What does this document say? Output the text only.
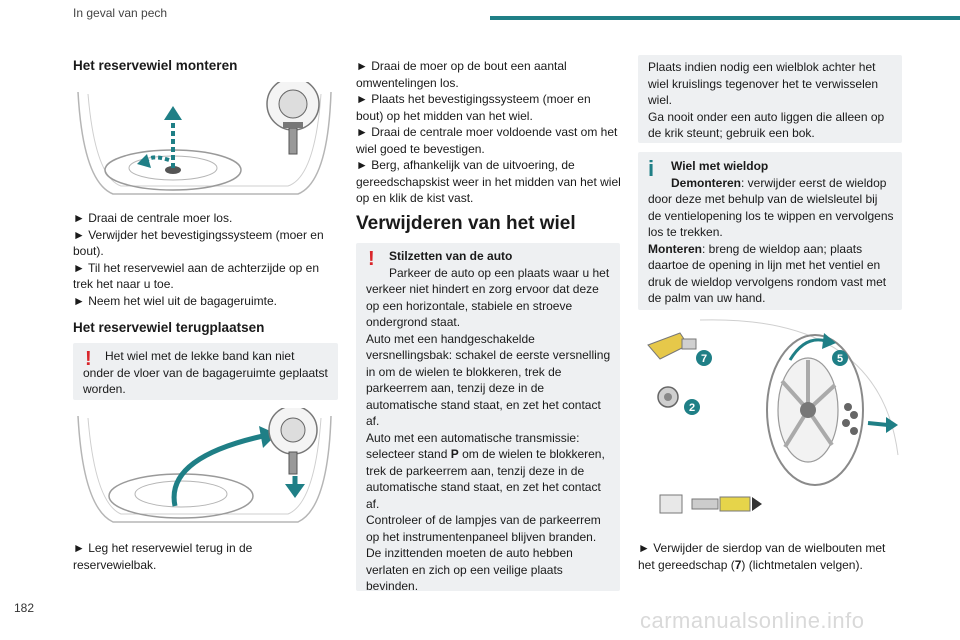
In geval van pech
Het reservewiel monteren

► Draai de centrale moer los.

► Verwijder het bevestigingssysteem (moer en bout).

► Til het reservewiel aan de achterzijde op en trek het naar u toe.

► Neem het wiel uit de bagageruimte.

Het reservewiel terugplaatsen
!	Het wiel met de lekke band kan niet onder de vloer van de bagageruimte geplaatst worden.

► Leg het reservewiel terug in de reservewielbak.

► Draai de moer op de bout een aantal omwentelingen los.

► Plaats het bevestigingssysteem (moer en bout) op het midden van het wiel.

► Draai de centrale moer voldoende vast om het wiel goed te bevestigen.

► Berg, afhankelijk van de uitvoering, de gereedschapskist weer in het midden van het wiel op en klik de kist vast.

Verwijderen van het wiel
! Stilzetten van de auto

Parkeer de auto op een plaats waar u het verkeer niet hindert en zorg ervoor dat deze op een horizontale, stabiele en stroeve ondergrond staat.

Auto met een handgeschakelde versnellingsbak: schakel de eerste versnelling in om de wielen te blokkeren, trek de parkeerrem aan, tenzij deze in de automatische stand staat, en zet het contact af.

Auto met een automatische transmissie: selecteer stand P om de wielen te blokkeren, trek de parkeerrem aan, tenzij deze in de automatische stand staat, en zet het contact af.

Controleer of de lampjes van de parkeerrem op het instrumentenpaneel blijven branden.

De inzittenden moeten de auto hebben verlaten en zich op een veilige plaats bevinden.

Plaats indien nodig een wielblok achter het wiel kruislings tegenover het te verwisselen wiel.

Ga nooit onder een auto liggen die alleen op de krik steunt; gebruik een bok.

i Wiel met wieldop

Demonteren: verwijder eerst de wieldop door deze met behulp van de wielsleutel bij de ventielopening los te wippen en vervolgens los te trekken.

Monteren: breng de wieldop aan; plaats daartoe de opening in lijn met het ventiel en druk de wieldop vervolgens rondom vast met de palm van uw hand.

7	5
2
► Verwijder de sierdop van de wielbouten met het gereedschap (7) (lichtmetalen velgen).
182	carmanualsonline.info
